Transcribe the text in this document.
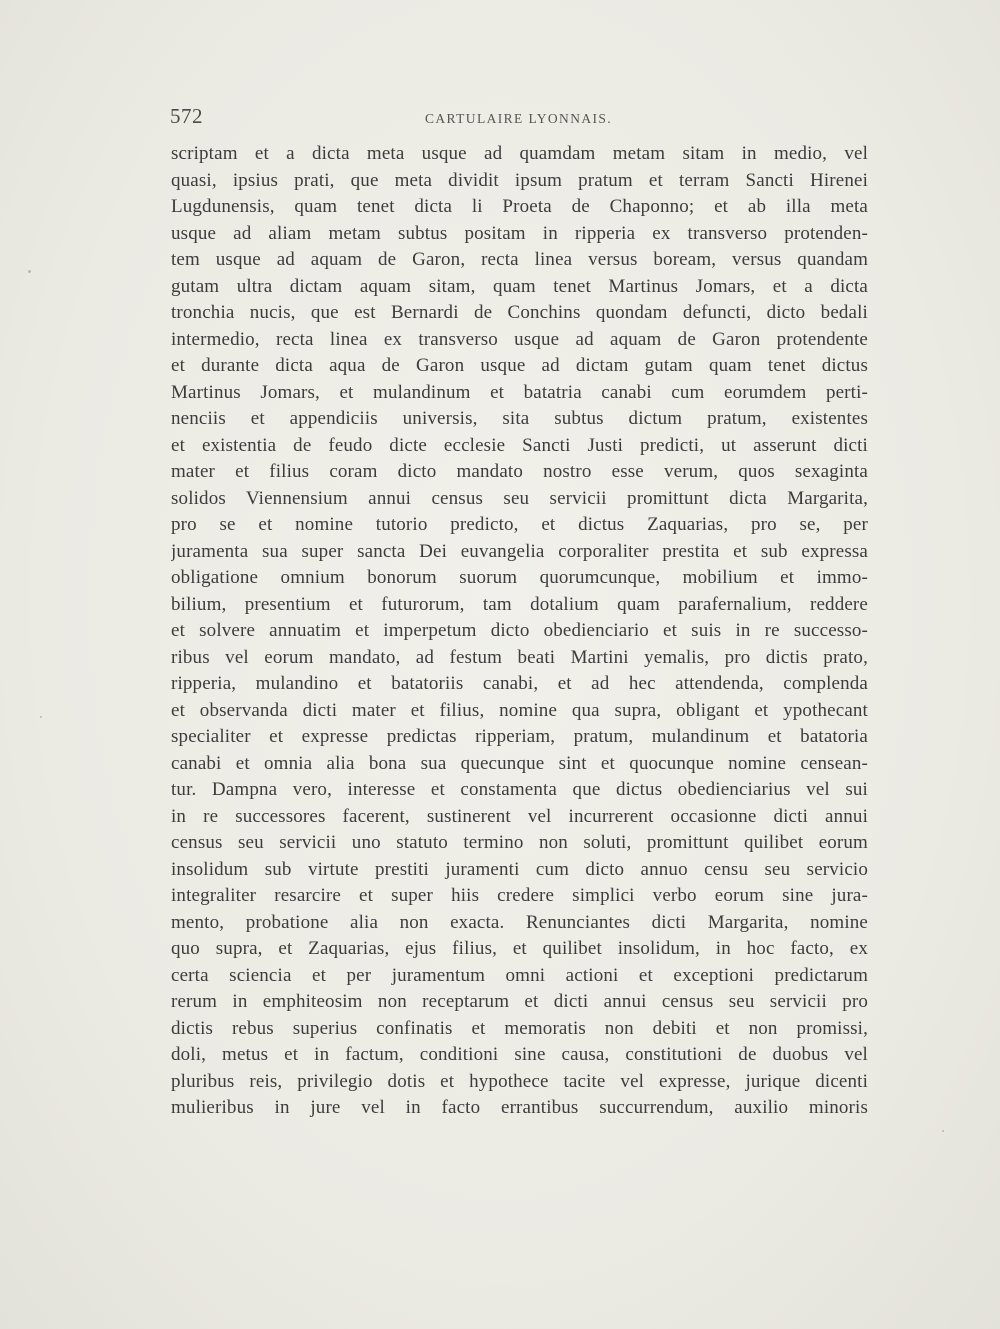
572	CARTULAIRE LYONNAIS.
scriptam et a dicta meta usque ad quamdam metam sitam in medio, vel
quasi, ipsius prati, que meta dividit ipsum pratum et terram Sancti Hirenei
Lugdunensis, quam tenet dicta li Proeta de Chaponno; et ab illa meta
usque ad aliam metam subtus positam in ripperia ex transverso protenden-
tem usque ad aquam de Garon, recta linea versus boream, versus quandam
gutam ultra dictam aquam sitam, quam tenet Martinus Jomars, et a dicta
tronchia nucis, que est Bernardi de Conchins quondam defuncti, dicto bedali
intermedio, recta linea ex transverso usque ad aquam de Garon protendente
et durante dicta aqua de Garon usque ad dictam gutam quam tenet dictus
Martinus Jomars, et mulandinum et batatria canabi cum eorumdem perti-
nenciis et appendiciis universis, sita subtus dictum pratum, existentes
et existentia de feudo dicte ecclesie Sancti Justi predicti, ut asserunt dicti
mater et filius coram dicto mandato nostro esse verum, quos sexaginta
solidos Viennensium annui census seu servicii promittunt dicta Margarita,
pro se et nomine tutorio predicto, et dictus Zaquarias, pro se, per
juramenta sua super sancta Dei euvangelia corporaliter prestita et sub expressa
obligatione omnium bonorum suorum quorumcunque, mobilium et immo-
bilium, presentium et futurorum, tam dotalium quam parafernalium, reddere
et solvere annuatim et imperpetum dicto obedienciario et suis in re successo-
ribus vel eorum mandato, ad festum beati Martini yemalis, pro dictis prato,
ripperia, mulandino et batatoriis canabi, et ad hec attendenda, complenda
et observanda dicti mater et filius, nomine qua supra, obligant et ypothecant
specialiter et expresse predictas ripperiam, pratum, mulandinum et batatoria
canabi et omnia alia bona sua quecunque sint et quocunque nomine censean-
tur. Dampna vero, interesse et constamenta que dictus obedienciarius vel sui
in re successores facerent, sustinerent vel incurrerent occasionne dicti annui
census seu servicii uno statuto termino non soluti, promittunt quilibet eorum
insolidum sub virtute prestiti juramenti cum dicto annuo censu seu servicio
integraliter resarcire et super hiis credere simplici verbo eorum sine jura-
mento, probatione alia non exacta. Renunciantes dicti Margarita, nomine
quo supra, et Zaquarias, ejus filius, et quilibet insolidum, in hoc facto, ex
certa sciencia et per juramentum omni actioni et exceptioni predictarum
rerum in emphiteosim non receptarum et dicti annui census seu servicii pro
dictis rebus superius confinatis et memoratis non debiti et non promissi,
doli, metus et in factum, conditioni sine causa, constitutioni de duobus vel
pluribus reis, privilegio dotis et hypothece tacite vel expresse, jurique dicenti
mulieribus in jure vel in facto errantibus succurrendum, auxilio minoris
